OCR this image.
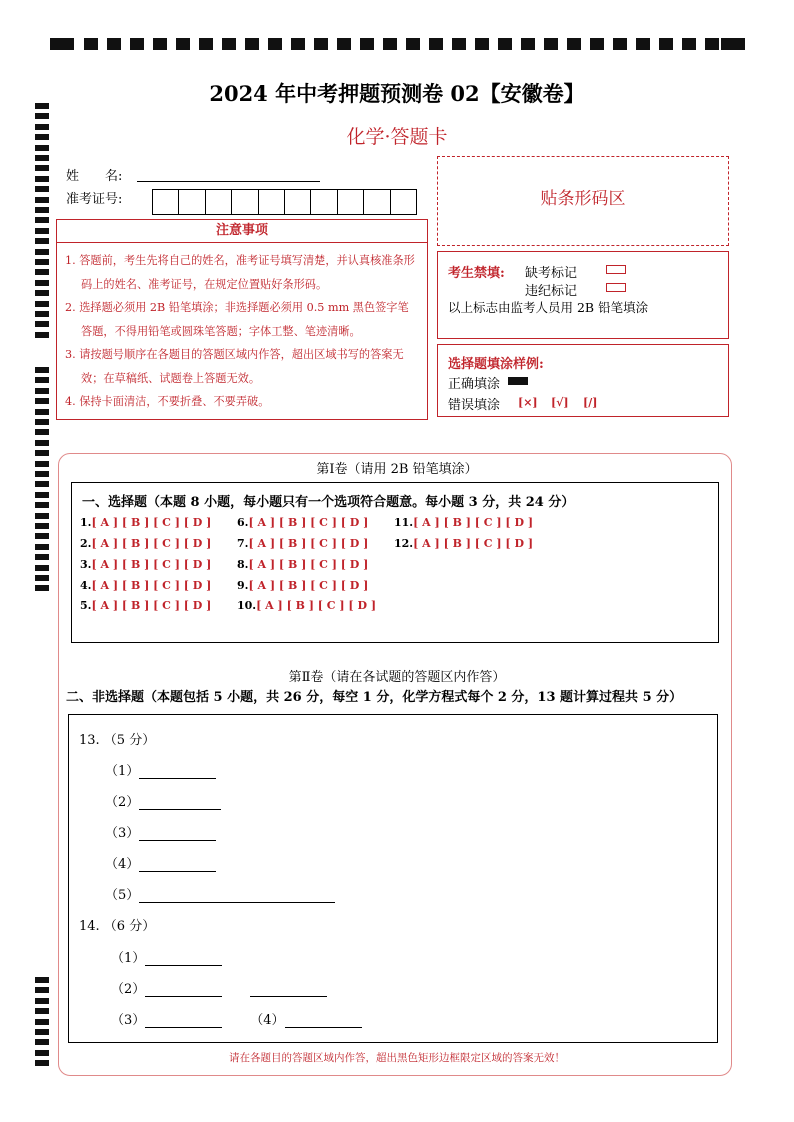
2024 年中考押题预测卷 02【安徽卷】
化学·答题卡
姓　　名:
准考证号:
注意事项
1. 答题前，考生先将自己的姓名，准考证号填写清楚，并认真核准条形码上的姓名、准考证号，在规定位置贴好条形码。
2. 选择题必须用 2B 铅笔填涂；非选择题必须用 0.5 mm 黑色签字笔答题，不得用铅笔或圆珠笔答题；字体工整、笔迹清晰。
3. 请按题号顺序在各题目的答题区域内作答，超出区域书写的答案无效；在草稿纸、试题卷上答题无效。
4. 保持卡面清洁，不要折叠、不要弄破。
贴条形码区
考生禁填: 缺考标记
违纪标记
以上标志由监考人员用 2B 铅笔填涂
选择题填涂样例:
正确填涂
错误填涂 [×] [√] [/]
第Ⅰ卷（请用 2B 铅笔填涂）
一、选择题（本题 8 小题，每小题只有一个选项符合题意。每小题 3 分，共 24 分）
1.[ A ] [ B ] [ C ] [ D ]
2.[ A ] [ B ] [ C ] [ D ]
3.[ A ] [ B ] [ C ] [ D ]
4.[ A ] [ B ] [ C ] [ D ]
5.[ A ] [ B ] [ C ] [ D ]
6.[ A ] [ B ] [ C ] [ D ]
7.[ A ] [ B ] [ C ] [ D ]
8.[ A ] [ B ] [ C ] [ D ]
9.[ A ] [ B ] [ C ] [ D ]
10.[ A ] [ B ] [ C ] [ D ]
11.[ A ] [ B ] [ C ] [ D ]
12.[ A ] [ B ] [ C ] [ D ]
第Ⅱ卷（请在各试题的答题区内作答）
二、非选择题（本题包括 5 小题，共 26 分，每空 1 分，化学方程式每个 2 分，13 题计算过程共 5 分）
13. （5 分）
（1）
（2）
（3）
（4）
（5）
14. （6 分）
（1）
（2）
（3）	（4）
请在各题目的答题区域内作答，超出黑色矩形边框限定区域的答案无效！
